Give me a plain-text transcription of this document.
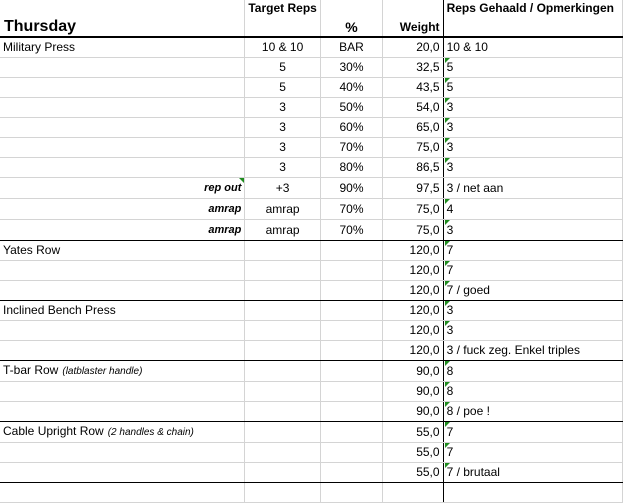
Thursday	Target Reps	%	Weight	Reps Gehaald / Opmerkingen
Military Press	10 & 10	BAR	20,0	10 & 10
	5	30%	32,5	5
	5	40%	43,5	5
	3	50%	54,0	3
	3	60%	65,0	3
	3	70%	75,0	3
	3	80%	86,5	3
rep out	+3	90%	97,5	3 / net aan
amrap	amrap	70%	75,0	4
amrap	amrap	70%	75,0	3
Yates Row			120,0	7
			120,0	7
			120,0	7 / goed
Inclined Bench Press			120,0	3
			120,0	3
			120,0	3 / fuck zeg. Enkel triples
T-bar Row (latblaster handle)			90,0	8
			90,0	8
			90,0	8 / poe !
Cable Upright Row (2 handles & chain)			55,0	7
			55,0	7
			55,0	7 / brutaal
